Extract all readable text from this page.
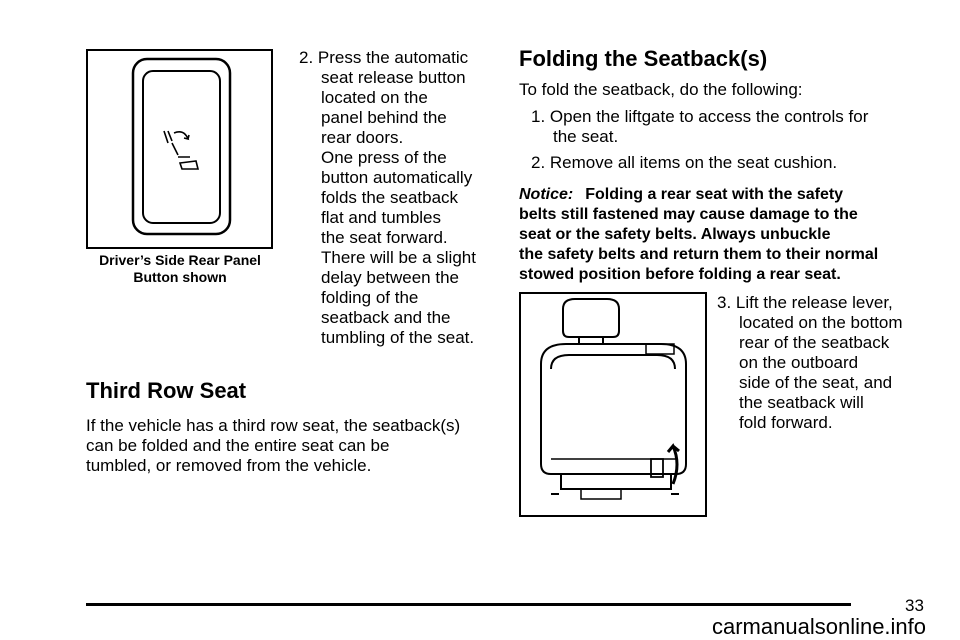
Driver’s Side Rear Panel
Button shown
2. Press the automatic
seat release button
located on the
panel behind the
rear doors.
One press of the
button automatically
folds the seatback
flat and tumbles
the seat forward.
There will be a slight
delay between the
folding of the
seatback and the
tumbling of the seat.
Third Row Seat
If the vehicle has a third row seat, the seatback(s)
can be folded and the entire seat can be
tumbled, or removed from the vehicle.
Folding the Seatback(s)
To fold the seatback, do the following:
1. Open the liftgate to access the controls for
the seat.
2. Remove all items on the seat cushion.
Notice: Folding a rear seat with the safety
belts still fastened may cause damage to the
seat or the safety belts. Always unbuckle
the safety belts and return them to their normal
stowed position before folding a rear seat.
3. Lift the release lever,
located on the bottom
rear of the seatback
on the outboard
side of the seat, and
the seatback will
fold forward.
33
carmanualsonline.info
